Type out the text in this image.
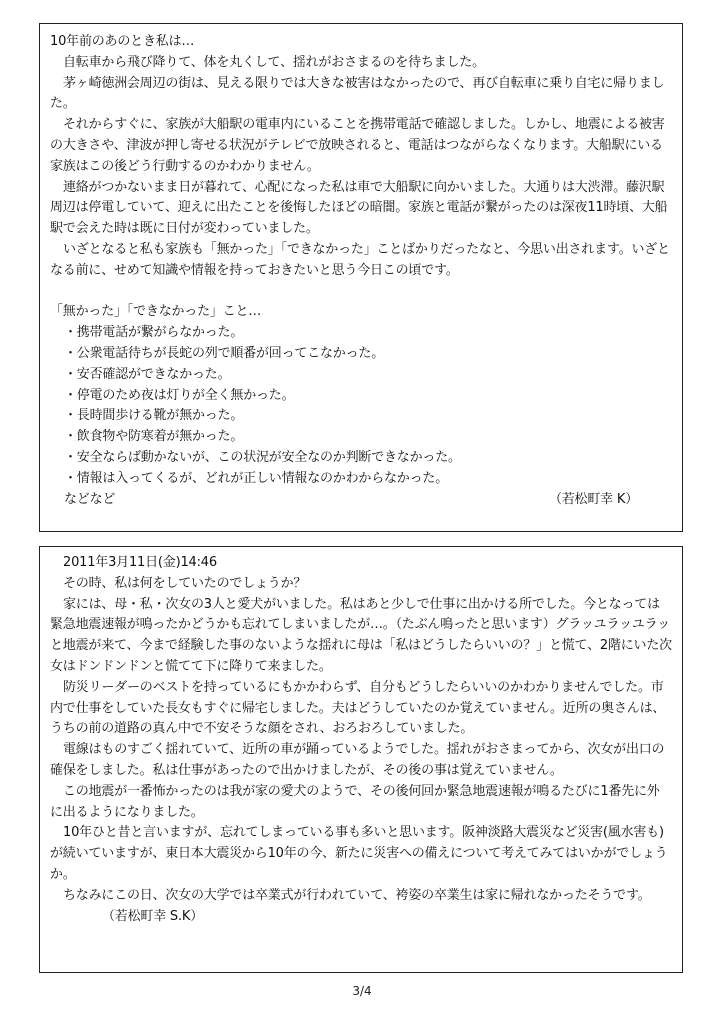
10年前のあのとき私は…

自転車から飛び降りて、体を丸くして、揺れがおさまるのを待ちました。

茅ヶ崎徳洲会周辺の街は、見える限りでは大きな被害はなかったので、再び自転車に乗り自宅に帰りました。

それからすぐに、家族が大船駅の電車内にいることを携帯電話で確認しました。しかし、地震による被害の大きさや、津波が押し寄せる状況がテレビで放映されると、電話はつながらなくなります。大船駅にいる家族はこの後どう行動するのかわかりません。

連絡がつかないまま日が暮れて、心配になった私は車で大船駅に向かいました。大通りは大渋滞。藤沢駅周辺は停電していて、迎えに出たことを後悔したほどの暗闇。家族と電話が繋がったのは深夜11時頃、大船駅で会えた時は既に日付が変わっていました。

いざとなると私も家族も「無かった」「できなかった」ことばかりだったなと、今思い出されます。いざとなる前に、せめて知識や情報を持っておきたいと思う今日この頃です。

「無かった」「できなかった」こと…

・携帯電話が繋がらなかった。

・公衆電話待ちが長蛇の列で順番が回ってこなかった。

・安否確認ができなかった。

・停電のため夜は灯りが全く無かった。

・長時間歩ける靴が無かった。

・飲食物や防寒着が無かった。

・安全ならば動かないが、この状況が安全なのか判断できなかった。

・情報は入ってくるが、どれが正しい情報なのかわからなかった。

などなど	（若松町幸 K）

2011年3月11日(金)14:46

その時、私は何をしていたのでしょうか？

家には、母・私・次女の3人と愛犬がいました。私はあと少しで仕事に出かける所でした。今となっては緊急地震速報が鳴ったかどうかも忘れてしまいましたが…。（たぶん鳴ったと思います）グラッユラッユラッと地震が来て、今まで経験した事のないような揺れに母は「私はどうしたらいいの？」と慌て、2階にいた次女はドンドンドンと慌てて下に降りて来ました。

防災リーダーのベストを持っているにもかかわらず、自分もどうしたらいいのかわかりませんでした。市内で仕事をしていた長女もすぐに帰宅しました。夫はどうしていたのか覚えていません。近所の奥さんは、うちの前の道路の真ん中で不安そうな顔をされ、おろおろしていました。

電線はものすごく揺れていて、近所の車が踊っているようでした。揺れがおさまってから、次女が出口の確保をしました。私は仕事があったので出かけましたが、その後の事は覚えていません。

この地震が一番怖かったのは我が家の愛犬のようで、その後何回か緊急地震速報が鳴るたびに1番先に外に出るようになりました。

10年ひと昔と言いますが、忘れてしまっている事も多いと思います。阪神淡路大震災など災害(風水害も)が続いていますが、東日本大震災から10年の今、新たに災害への備えについて考えてみてはいかがでしょうか。

ちなみにこの日、次女の大学では卒業式が行われていて、袴姿の卒業生は家に帰れなかったそうです。（若松町幸 S.K）

3/4
